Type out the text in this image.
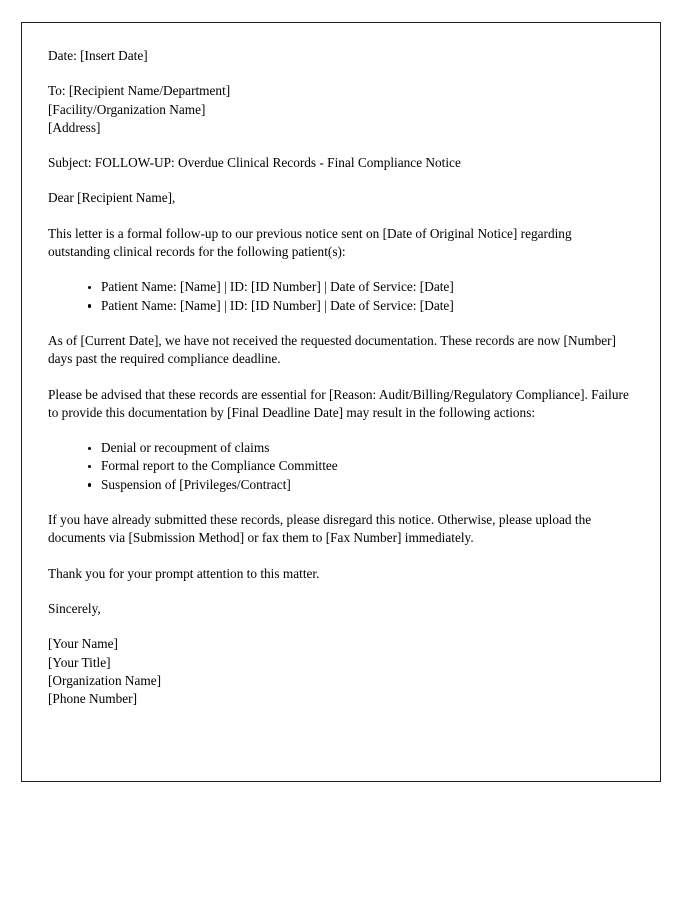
Date: [Insert Date]

To: [Recipient Name/Department]
[Facility/Organization Name]
[Address]

Subject: FOLLOW-UP: Overdue Clinical Records - Final Compliance Notice

Dear [Recipient Name],

This letter is a formal follow-up to our previous notice sent on [Date of Original Notice] regarding outstanding clinical records for the following patient(s):

Patient Name: [Name] | ID: [ID Number] | Date of Service: [Date]
Patient Name: [Name] | ID: [ID Number] | Date of Service: [Date]

As of [Current Date], we have not received the requested documentation. These records are now [Number] days past the required compliance deadline.

Please be advised that these records are essential for [Reason: Audit/Billing/Regulatory Compliance]. Failure to provide this documentation by [Final Deadline Date] may result in the following actions:

Denial or recoupment of claims
Formal report to the Compliance Committee
Suspension of [Privileges/Contract]

If you have already submitted these records, please disregard this notice. Otherwise, please upload the documents via [Submission Method] or fax them to [Fax Number] immediately.

Thank you for your prompt attention to this matter.

Sincerely,

[Your Name]
[Your Title]
[Organization Name]
[Phone Number]
